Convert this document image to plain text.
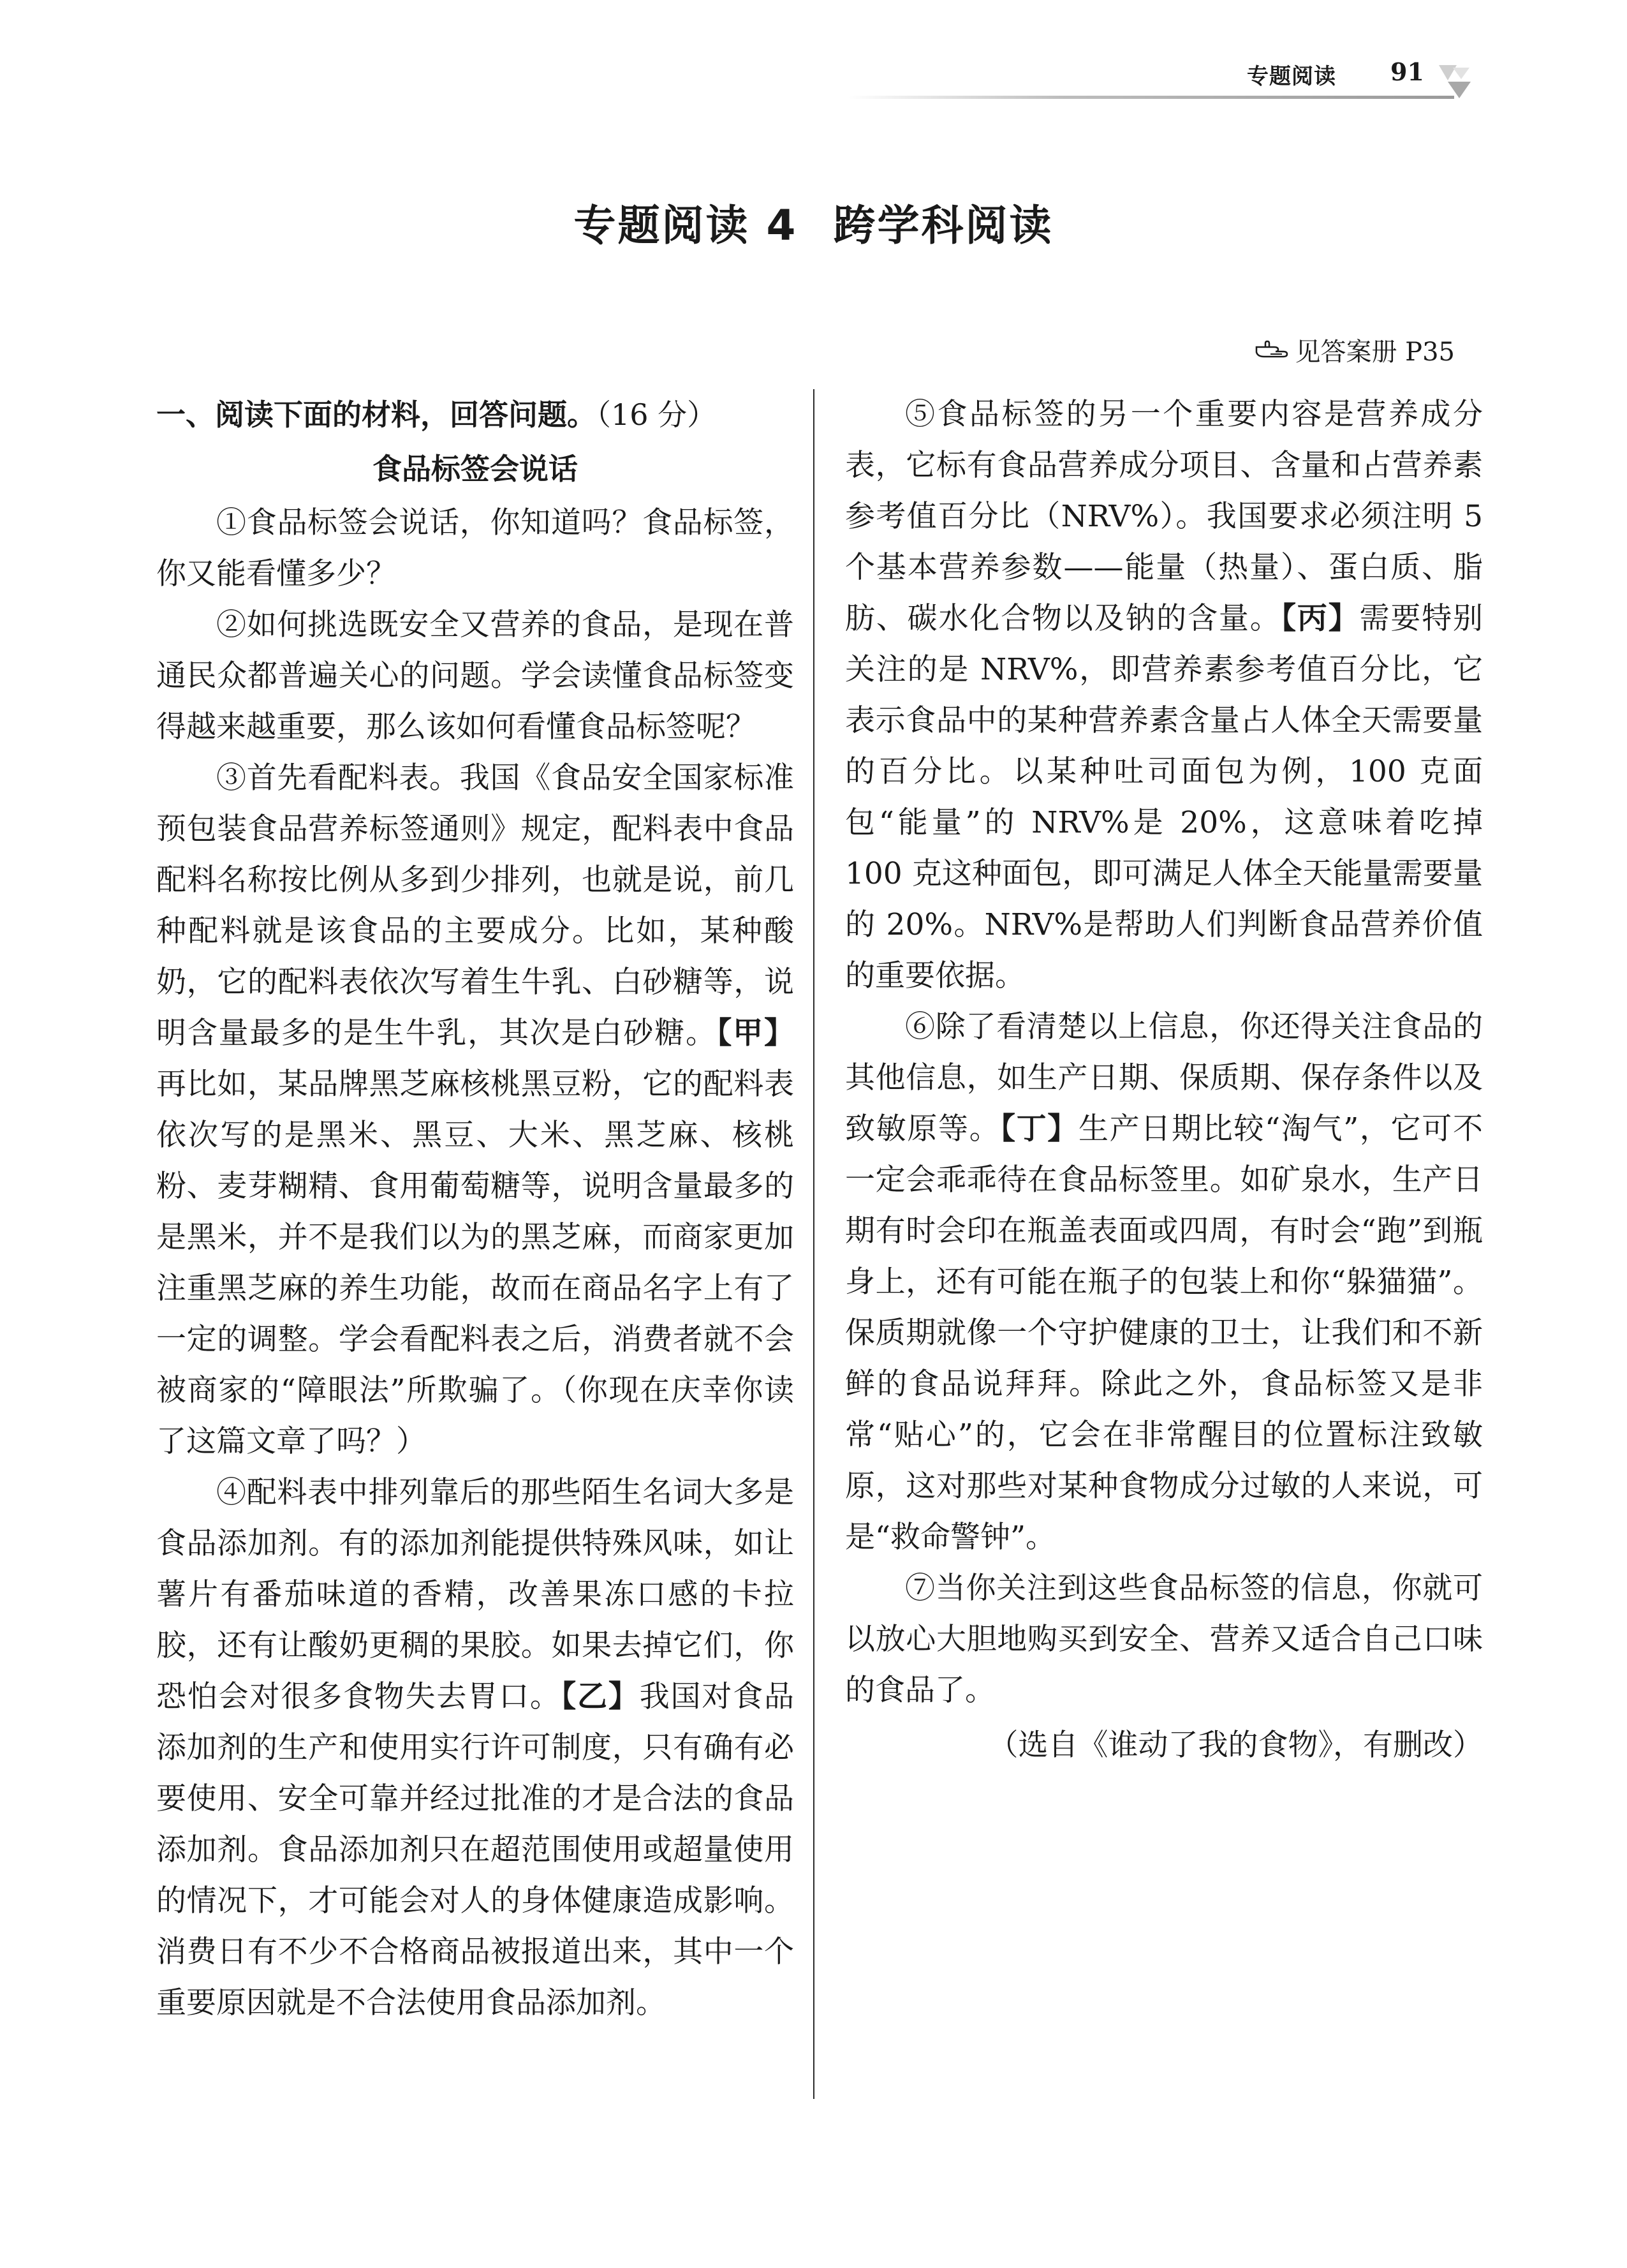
专题阅读 91
专题阅读 4 跨学科阅读
见答案册 P35

一、阅读下面的材料，回答问题。（16 分）

食品标签会说话

①食品标签会说话，你知道吗？食品标签，你又能看懂多少？

②如何挑选既安全又营养的食品，是现在普通民众都普遍关心的问题。学会读懂食品标签变得越来越重要，那么该如何看懂食品标签呢？

③首先看配料表。我国《食品安全国家标准预包装食品营养标签通则》规定，配料表中食品配料名称按比例从多到少排列，也就是说，前几种配料就是该食品的主要成分。比如，某种酸奶，它的配料表依次写着生牛乳、白砂糖等，说明含量最多的是生牛乳，其次是白砂糖。【甲】再比如，某品牌黑芝麻核桃黑豆粉，它的配料表依次写的是黑米、黑豆、大米、黑芝麻、核桃粉、麦芽糊精、食用葡萄糖等，说明含量最多的是黑米，并不是我们以为的黑芝麻，而商家更加注重黑芝麻的养生功能，故而在商品名字上有了一定的调整。学会看配料表之后，消费者就不会被商家的“障眼法”所欺骗了。（你现在庆幸你读了这篇文章了吗？）

④配料表中排列靠后的那些陌生名词大多是食品添加剂。有的添加剂能提供特殊风味，如让薯片有番茄味道的香精，改善果冻口感的卡拉胶，还有让酸奶更稠的果胶。如果去掉它们，你恐怕会对很多食物失去胃口。【乙】我国对食品添加剂的生产和使用实行许可制度，只有确有必要使用、安全可靠并经过批准的才是合法的食品添加剂。食品添加剂只在超范围使用或超量使用的情况下，才可能会对人的身体健康造成影响。消费日有不少不合格商品被报道出来，其中一个重要原因就是不合法使用食品添加剂。

⑤食品标签的另一个重要内容是营养成分表，它标有食品营养成分项目、含量和占营养素参考值百分比（NRV%）。我国要求必须注明 5 个基本营养参数——能量（热量）、蛋白质、脂肪、碳水化合物以及钠的含量。【丙】需要特别关注的是 NRV%，即营养素参考值百分比，它表示食品中的某种营养素含量占人体全天需要量的百分比。以某种吐司面包为例，100 克面包“能量”的 NRV%是 20%，这意味着吃掉 100 克这种面包，即可满足人体全天能量需要量的 20%。NRV%是帮助人们判断食品营养价值的重要依据。

⑥除了看清楚以上信息，你还得关注食品的其他信息，如生产日期、保质期、保存条件以及致敏原等。【丁】生产日期比较“淘气”，它可不一定会乖乖待在食品标签里。如矿泉水，生产日期有时会印在瓶盖表面或四周，有时会“跑”到瓶身上，还有可能在瓶子的包装上和你“躲猫猫”。保质期就像一个守护健康的卫士，让我们和不新鲜的食品说拜拜。除此之外，食品标签又是非常“贴心”的，它会在非常醒目的位置标注致敏原，这对那些对某种食物成分过敏的人来说，可是“救命警钟”。

⑦当你关注到这些食品标签的信息，你就可以放心大胆地购买到安全、营养又适合自己口味的食品了。

（选自《谁动了我的食物》，有删改）
